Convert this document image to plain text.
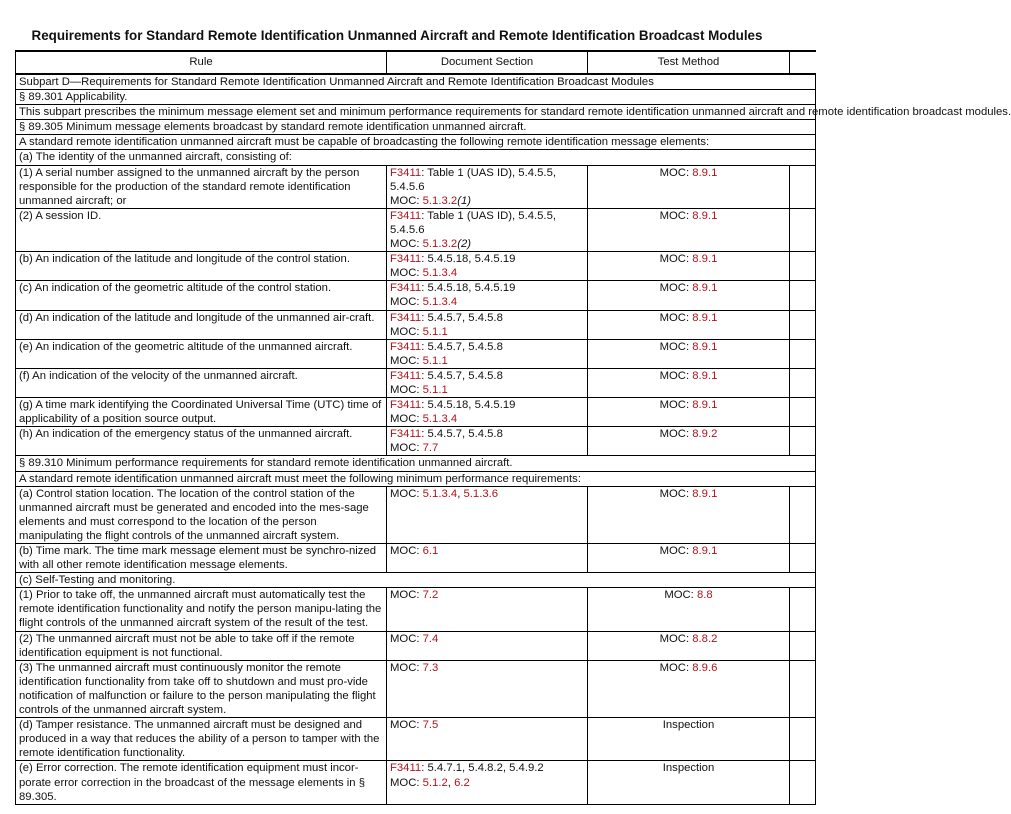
Requirements for Standard Remote Identification Unmanned Aircraft and Remote Identification Broadcast Modules
Rule	Document Section	Test Method	
Subpart D—Requirements for Standard Remote Identification Unmanned Aircraft and Remote Identification Broadcast Modules			
§ 89.301 Applicability.			
This subpart prescribes the minimum message element set and minimum performance requirements for standard remote identification unmanned aircraft and remote identification broadcast modules.			
§ 89.305 Minimum message elements broadcast by standard remote identification unmanned aircraft.			
A standard remote identification unmanned aircraft must be capable of broadcasting the following remote identification message elements:			
(a) The identity of the unmanned aircraft, consisting of:			
(1) A serial number assigned to the unmanned aircraft by the person responsible for the production of the standard remote identification unmanned aircraft; or	F3411: Table 1 (UAS ID), 5.4.5.5,
5.4.5.6
MOC: 5.1.3.2(1)	MOC: 8.9.1	
(2) A session ID.	F3411: Table 1 (UAS ID), 5.4.5.5,
5.4.5.6
MOC: 5.1.3.2(2)	MOC: 8.9.1	
(b) An indication of the latitude and longitude of the control station.	F3411: 5.4.5.18, 5.4.5.19
MOC: 5.1.3.4	MOC: 8.9.1	
(c) An indication of the geometric altitude of the control station.	F3411: 5.4.5.18, 5.4.5.19
MOC: 5.1.3.4	MOC: 8.9.1	
(d) An indication of the latitude and longitude of the unmanned air-craft.	F3411: 5.4.5.7, 5.4.5.8
MOC: 5.1.1	MOC: 8.9.1	
(e) An indication of the geometric altitude of the unmanned aircraft.	F3411: 5.4.5.7, 5.4.5.8
MOC: 5.1.1	MOC: 8.9.1	
(f) An indication of the velocity of the unmanned aircraft.	F3411: 5.4.5.7, 5.4.5.8
MOC: 5.1.1	MOC: 8.9.1	
(g) A time mark identifying the Coordinated Universal Time (UTC) time of applicability of a position source output.	F3411: 5.4.5.18, 5.4.5.19
MOC: 5.1.3.4	MOC: 8.9.1	
(h) An indication of the emergency status of the unmanned aircraft.	F3411: 5.4.5.7, 5.4.5.8
MOC: 7.7	MOC: 8.9.2	
§ 89.310 Minimum performance requirements for standard remote identification unmanned aircraft.			
A standard remote identification unmanned aircraft must meet the following minimum performance requirements:			
(a) Control station location. The location of the control station of the unmanned aircraft must be generated and encoded into the mes-sage elements and must correspond to the location of the person manipulating the flight controls of the unmanned aircraft system.	MOC: 5.1.3.4, 5.1.3.6	MOC: 8.9.1	
(b) Time mark. The time mark message element must be synchro-nized with all other remote identification message elements.	MOC: 6.1	MOC: 8.9.1	
(c) Self-Testing and monitoring.			
(1) Prior to take off, the unmanned aircraft must automatically test the remote identification functionality and notify the person manipu-lating the flight controls of the unmanned aircraft system of the result of the test.	MOC: 7.2	MOC: 8.8	
(2) The unmanned aircraft must not be able to take off if the remote identification equipment is not functional.	MOC: 7.4	MOC: 8.8.2	
(3) The unmanned aircraft must continuously monitor the remote identification functionality from take off to shutdown and must pro-vide notification of malfunction or failure to the person manipulating the flight controls of the unmanned aircraft system.	MOC: 7.3	MOC: 8.9.6	
(d) Tamper resistance. The unmanned aircraft must be designed and produced in a way that reduces the ability of a person to tamper with the remote identification functionality.	MOC: 7.5	Inspection	
(e) Error correction. The remote identification equipment must incor-porate error correction in the broadcast of the message elements in § 89.305.	F3411: 5.4.7.1, 5.4.8.2, 5.4.9.2
MOC: 5.1.2, 6.2	Inspection	
